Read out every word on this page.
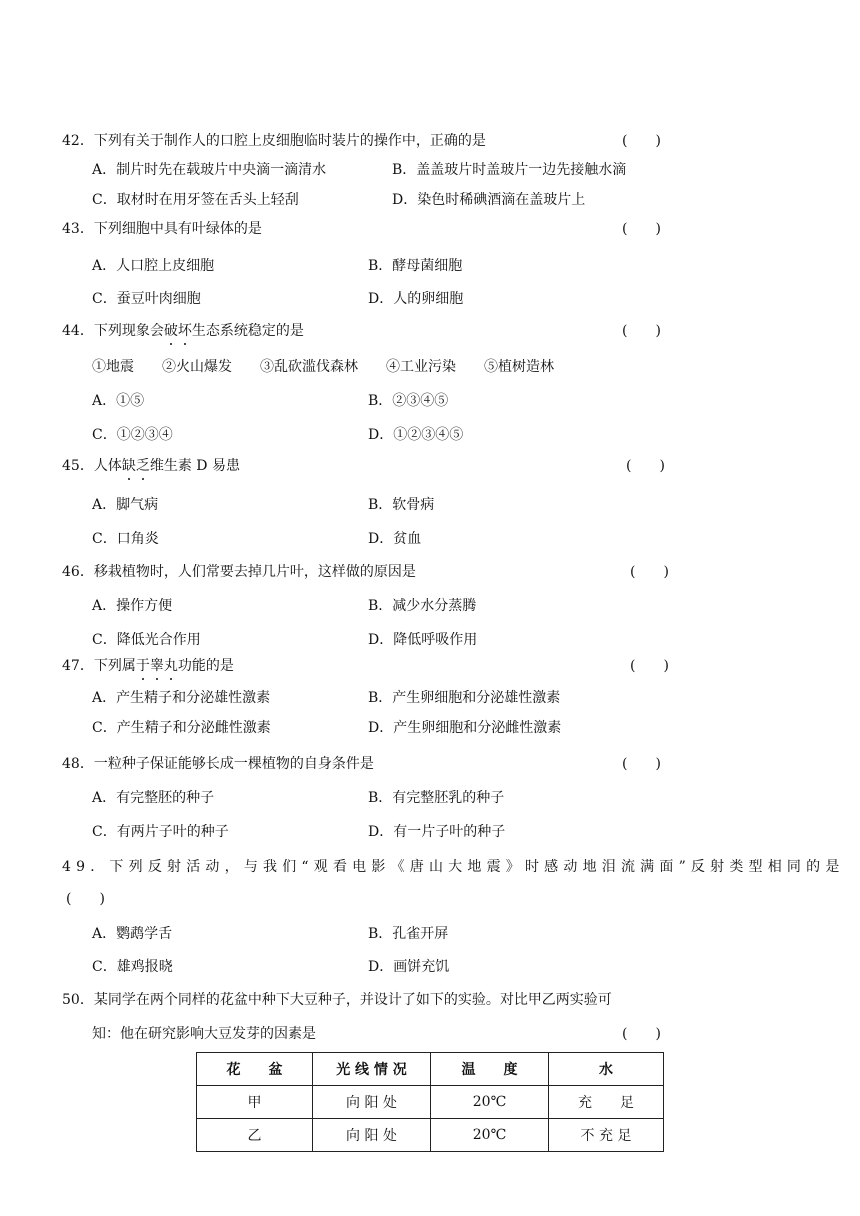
42．下列有关于制作人的口腔上皮细胞临时装片的操作中，正确的是	(　　)
A．制片时先在载玻片中央滴一滴清水	B．盖盖玻片时盖玻片一边先接触水滴
C．取材时在用牙签在舌头上轻刮	D．染色时稀碘酒滴在盖玻片上
43．下列细胞中具有叶绿体的是	(　　)
A．人口腔上皮细胞	B．酵母菌细胞
C．蚕豆叶肉细胞	D．人的卵细胞
44．下列现象会破坏生态系统稳定的是	(　　)
①地震　　②火山爆发　　③乱砍滥伐森林　　④工业污染　　⑤植树造林
A．①⑤	B．②③④⑤
C．①②③④	D．①②③④⑤
45．人体缺乏维生素 D 易患	(　　)
A．脚气病	B．软骨病
C．口角炎	D．贫血
46．移栽植物时，人们常要去掉几片叶，这样做的原因是	(　　)
A．操作方便	B．减少水分蒸腾
C．降低光合作用	D．降低呼吸作用
47．下列属于睾丸功能的是	(　　)
A．产生精子和分泌雄性激素	B．产生卵细胞和分泌雄性激素
C．产生精子和分泌雌性激素	D．产生卵细胞和分泌雌性激素
48．一粒种子保证能够长成一棵植物的自身条件是	(　　)
A．有完整胚的种子	B．有完整胚乳的种子
C．有两片子叶的种子	D．有一片子叶的种子
49．下列反射活动，与我们“观看电影《唐山大地震》时感动地泪流满面”反射类型相同的是
(　　)
A．鹦鹉学舌	B．孔雀开屏
C．雄鸡报晓	D．画饼充饥
50．某同学在两个同样的花盆中种下大豆种子，并设计了如下的实验。对比甲乙两实验可
知：他在研究影响大豆发芽的因素是	(　　)
花　　盆	光 线 情 况	温　　度	水
甲	向 阳 处	20℃	充　　足
乙	向 阳 处	20℃	不 充 足
